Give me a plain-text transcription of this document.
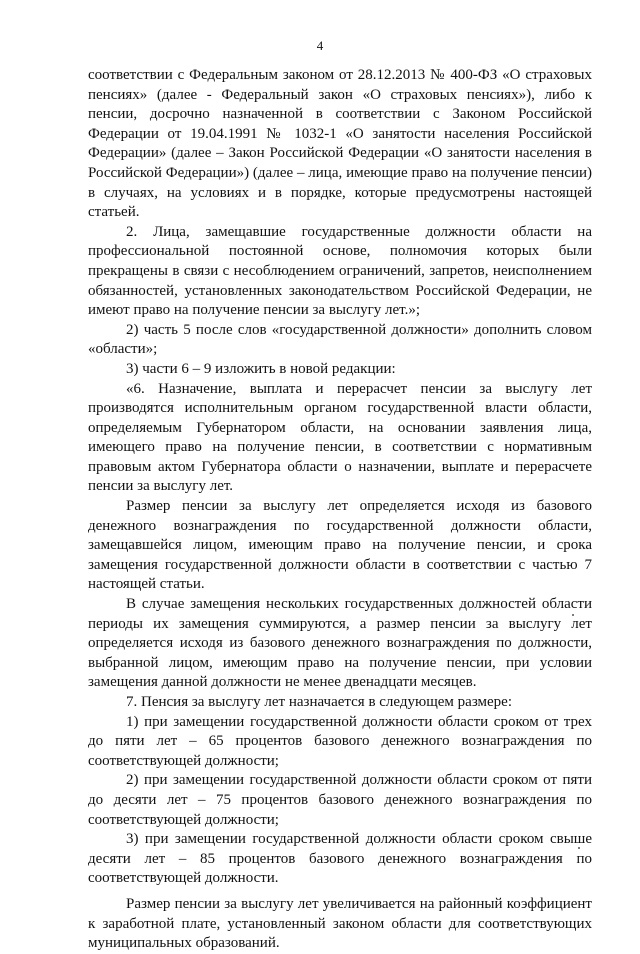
4

соответствии с Федеральным законом от 28.12.2013 № 400-ФЗ «О страховых пенсиях» (далее - Федеральный закон «О страховых пенсиях»), либо к пенсии, досрочно назначенной в соответствии с Законом Российской Федерации от 19.04.1991 № 1032-1 «О занятости населения Российской Федерации» (далее – Закон Российской Федерации «О занятости населения в Российской Федерации») (далее – лица, имеющие право на получение пенсии) в случаях, на условиях и в порядке, которые предусмотрены настоящей статьей.

2. Лица, замещавшие государственные должности области на профессиональной постоянной основе, полномочия которых были прекращены в связи с несоблюдением ограничений, запретов, неисполнением обязанностей, установленных законодательством Российской Федерации, не имеют право на получение пенсии за выслугу лет.»;

2) часть 5 после слов «государственной должности» дополнить словом «области»;

3) части 6 – 9 изложить в новой редакции:

«6. Назначение, выплата и перерасчет пенсии за выслугу лет производятся исполнительным органом государственной власти области, определяемым Губернатором области, на основании заявления лица, имеющего право на получение пенсии, в соответствии с нормативным правовым актом Губернатора области о назначении, выплате и перерасчете пенсии за выслугу лет.

Размер пенсии за выслугу лет определяется исходя из базового денежного вознаграждения по государственной должности области, замещавшейся лицом, имеющим право на получение пенсии, и срока замещения государственной должности области в соответствии с частью 7 настоящей статьи.

В случае замещения нескольких государственных должностей области периоды их замещения суммируются, а размер пенсии за выслугу лет определяется исходя из базового денежного вознаграждения по должности, выбранной лицом, имеющим право на получение пенсии, при условии замещения данной должности не менее двенадцати месяцев.

7. Пенсия за выслугу лет назначается в следующем размере:

1) при замещении государственной должности области сроком от трех до пяти лет – 65 процентов базового денежного вознаграждения по соответствующей должности;

2) при замещении государственной должности области сроком от пяти до десяти лет – 75 процентов базового денежного вознаграждения по соответствующей должности;

3) при замещении государственной должности области сроком свыше десяти лет – 85 процентов базового денежного вознаграждения по соответствующей должности.

Размер пенсии за выслугу лет увеличивается на районный коэффициент к заработной плате, установленный законом области для соответствующих муниципальных образований.
